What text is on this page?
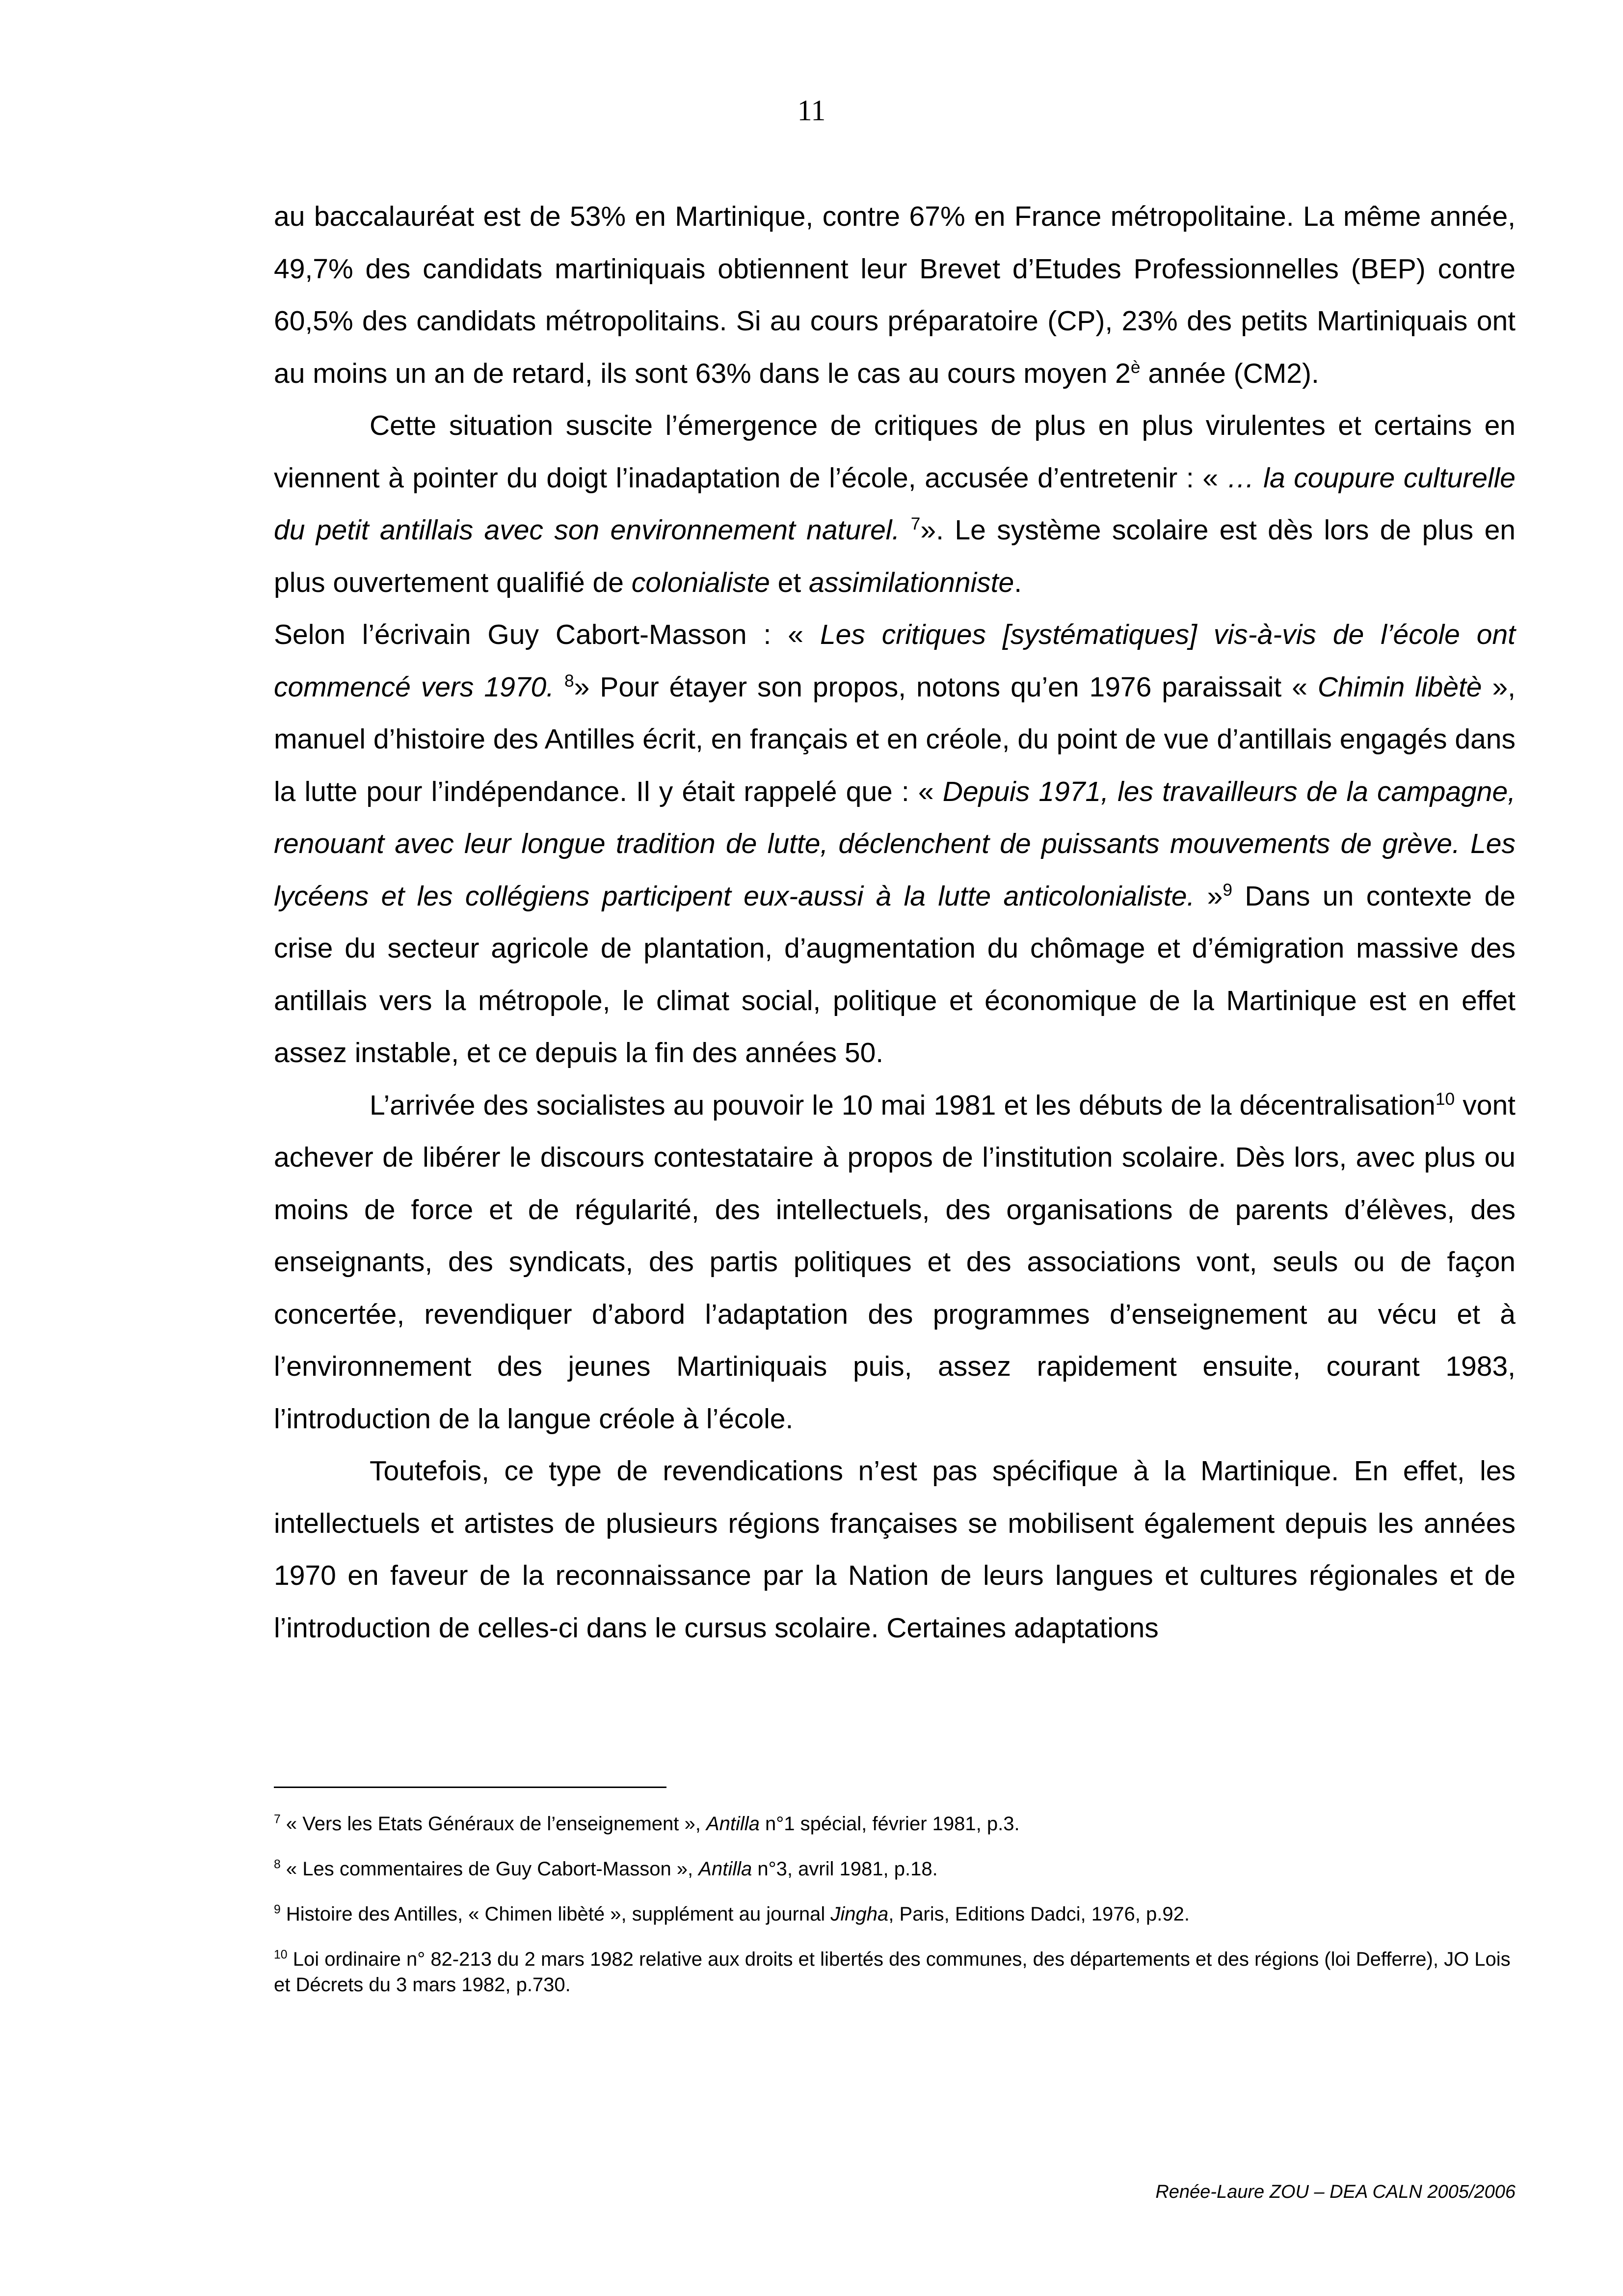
11

au baccalauréat est de 53% en Martinique, contre 67% en France métropolitaine. La même année, 49,7% des candidats martiniquais obtiennent leur Brevet d’Etudes Professionnelles (BEP) contre 60,5% des candidats métropolitains. Si au cours préparatoire (CP), 23% des petits Martiniquais ont au moins un an de retard, ils sont 63% dans le cas au cours moyen $2^è$ année (CM2).

Cette situation suscite l’émergence de critiques de plus en plus virulentes et certains en viennent à pointer du doigt l’inadaptation de l’école, accusée d’entretenir : « … la coupure culturelle du petit antillais avec son environnement naturel. $^7$». Le système scolaire est dès lors de plus en plus ouvertement qualifié de colonialiste et assimilationniste.

Selon l’écrivain Guy Cabort-Masson : « Les critiques [systématiques] vis-à-vis de l’école ont commencé vers 1970. $^8$» Pour étayer son propos, notons qu’en 1976 paraissait « Chimin libètè », manuel d’histoire des Antilles écrit, en français et en créole, du point de vue d’antillais engagés dans la lutte pour l’indépendance. Il y était rappelé que : « Depuis 1971, les travailleurs de la campagne, renouant avec leur longue tradition de lutte, déclenchent de puissants mouvements de grève. Les lycéens et les collégiens participent eux-aussi à la lutte anticolonialiste. »$^9$ Dans un contexte de crise du secteur agricole de plantation, d’augmentation du chômage et d’émigration massive des antillais vers la métropole, le climat social, politique et économique de la Martinique est en effet assez instable, et ce depuis la fin des années 50.

L’arrivée des socialistes au pouvoir le 10 mai 1981 et les débuts de la décentralisation$^{10}$ vont achever de libérer le discours contestataire à propos de l’institution scolaire. Dès lors, avec plus ou moins de force et de régularité, des intellectuels, des organisations de parents d’élèves, des enseignants, des syndicats, des partis politiques et des associations vont, seuls ou de façon concertée, revendiquer d’abord l’adaptation des programmes d’enseignement au vécu et à l’environnement des jeunes Martiniquais puis, assez rapidement ensuite, courant 1983, l’introduction de la langue créole à l’école.

Toutefois, ce type de revendications n’est pas spécifique à la Martinique. En effet, les intellectuels et artistes de plusieurs régions françaises se mobilisent également depuis les années 1970 en faveur de la reconnaissance par la Nation de leurs langues et cultures régionales et de l’introduction de celles-ci dans le cursus scolaire. Certaines adaptations

$^7$ « Vers les Etats Généraux de l’enseignement », Antilla n°1 spécial, février 1981, p.3.

$^8$ « Les commentaires de Guy Cabort-Masson », Antilla n°3, avril 1981, p.18.

$^9$ Histoire des Antilles, « Chimen libèté », supplément au journal Jingha, Paris, Editions Dadci, 1976, p.92.

$^{10}$ Loi ordinaire n° 82-213 du 2 mars 1982 relative aux droits et libertés des communes, des départements et des régions (loi Defferre), JO Lois et Décrets du 3 mars 1982, p.730.

Renée-Laure ZOU – DEA CALN 2005/2006
